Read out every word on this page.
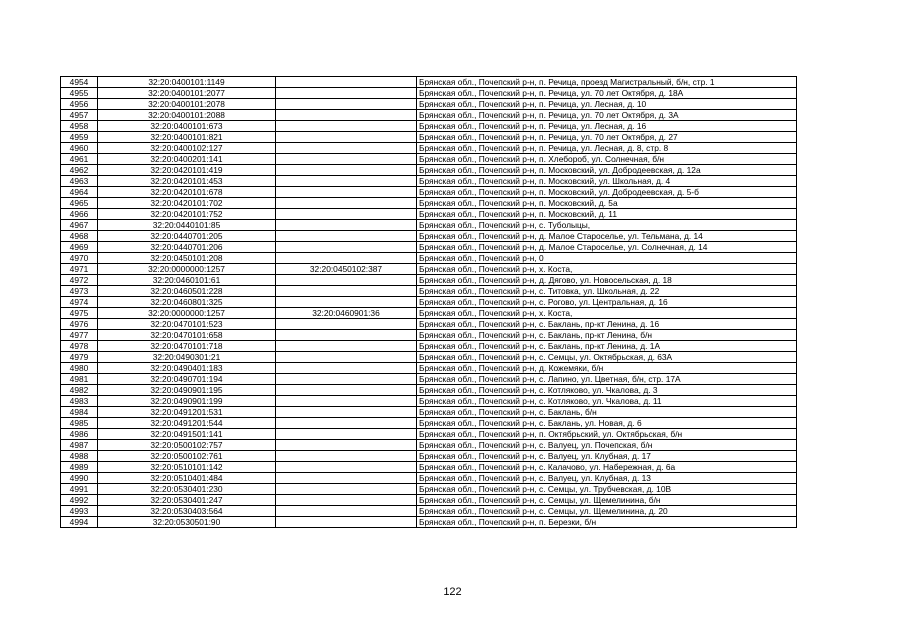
4954	32:20:0400101:1149		Брянская обл., Почепский р-н, п. Речица, проезд Магистральный, б/н, стр. 1
4955	32:20:0400101:2077		Брянская обл., Почепский р-н, п. Речица, ул. 70 лет Октября, д. 18А
4956	32:20:0400101:2078		Брянская обл., Почепский р-н, п. Речица, ул. Лесная, д. 10
4957	32:20:0400101:2088		Брянская обл., Почепский р-н, п. Речица, ул. 70 лет Октября, д. 3А
4958	32:20:0400101:673		Брянская обл., Почепский р-н, п. Речица, ул. Лесная, д. 16
4959	32:20:0400101:821		Брянская обл., Почепский р-н, п. Речица, ул. 70 лет Октября, д. 27
4960	32:20:0400102:127		Брянская обл., Почепский р-н, п. Речица, ул. Лесная, д. 8, стр. 8
4961	32:20:0400201:141		Брянская обл., Почепский р-н, п. Хлебороб, ул. Солнечная, б/н
4962	32:20:0420101:419		Брянская обл., Почепский р-н, п. Московский, ул. Добродеевская, д. 12а
4963	32:20:0420101:453		Брянская обл., Почепский р-н, п. Московский, ул. Школьная, д. 4
4964	32:20:0420101:678		Брянская обл., Почепский р-н, п. Московский, ул. Добродеевская, д. 5-б
4965	32:20:0420101:702		Брянская обл., Почепский р-н, п. Московский, д. 5а
4966	32:20:0420101:752		Брянская обл., Почепский р-н, п. Московский, д. 11
4967	32:20:0440101:85		Брянская обл., Почепский р-н, с. Туболыцы,
4968	32:20:0440701:205		Брянская обл., Почепский р-н, д. Малое Староселье, ул. Тельмана, д. 14
4969	32:20:0440701:206		Брянская обл., Почепский р-н, д. Малое Староселье, ул. Солнечная, д. 14
4970	32:20:0450101:208		Брянская обл., Почепский р-н, 0
4971	32:20:0000000:1257	32:20:0450102:387	Брянская обл., Почепский р-н, х. Коста,
4972	32:20:0460101:61		Брянская обл., Почепский р-н, д. Дягово, ул. Новосельская, д. 18
4973	32:20:0460501:228		Брянская обл., Почепский р-н, с. Титовка, ул. Школьная, д. 22
4974	32:20:0460801:325		Брянская обл., Почепский р-н, с. Рогово, ул. Центральная, д. 16
4975	32:20:0000000:1257	32:20:0460901:36	Брянская обл., Почепский р-н, х. Коста,
4976	32:20:0470101:523		Брянская обл., Почепский р-н, с. Баклань, пр-кт Ленина, д. 16
4977	32:20:0470101:658		Брянская обл., Почепский р-н, с. Баклань, пр-кт Ленина, б/н
4978	32:20:0470101:718		Брянская обл., Почепский р-н, с. Баклань, пр-кт Ленина, д. 1А
4979	32:20:0490301:21		Брянская обл., Почепский р-н, с. Семцы, ул. Октябрьская, д. 63А
4980	32:20:0490401:183		Брянская обл., Почепский р-н, д. Кожемяки, б/н
4981	32:20:0490701:194		Брянская обл., Почепский р-н, с. Лапино, ул. Цветная, б/н, стр. 17А
4982	32:20:0490901:195		Брянская обл., Почепский р-н, с. Котляково, ул. Чкалова, д. 3
4983	32:20:0490901:199		Брянская обл., Почепский р-н, с. Котляково, ул. Чкалова, д. 11
4984	32:20:0491201:531		Брянская обл., Почепский р-н, с. Баклань, б/н
4985	32:20:0491201:544		Брянская обл., Почепский р-н, с. Баклань, ул. Новая, д. 6
4986	32:20:0491501:141		Брянская обл., Почепский р-н, п. Октябрьский, ул. Октябрьская, б/н
4987	32:20:0500102:757		Брянская обл., Почепский р-н, с. Валуец, ул. Почепская, б/н
4988	32:20:0500102:761		Брянская обл., Почепский р-н, с. Валуец, ул. Клубная, д. 17
4989	32:20:0510101:142		Брянская обл., Почепский р-н, с. Калачово, ул. Набережная, д. 6а
4990	32:20:0510401:484		Брянская обл., Почепский р-н, с. Валуец, ул. Клубная, д. 13
4991	32:20:0530401:230		Брянская обл., Почепский р-н, с. Семцы, ул. Трубчевская, д. 10В
4992	32:20:0530401:247		Брянская обл., Почепский р-н, с. Семцы, ул. Щемелинина, б/н
4993	32:20:0530403:564		Брянская обл., Почепский р-н, с. Семцы, ул. Щемелинина, д. 20
4994	32:20:0530501:90		Брянская обл., Почепский р-н, п. Березки, б/н
122
